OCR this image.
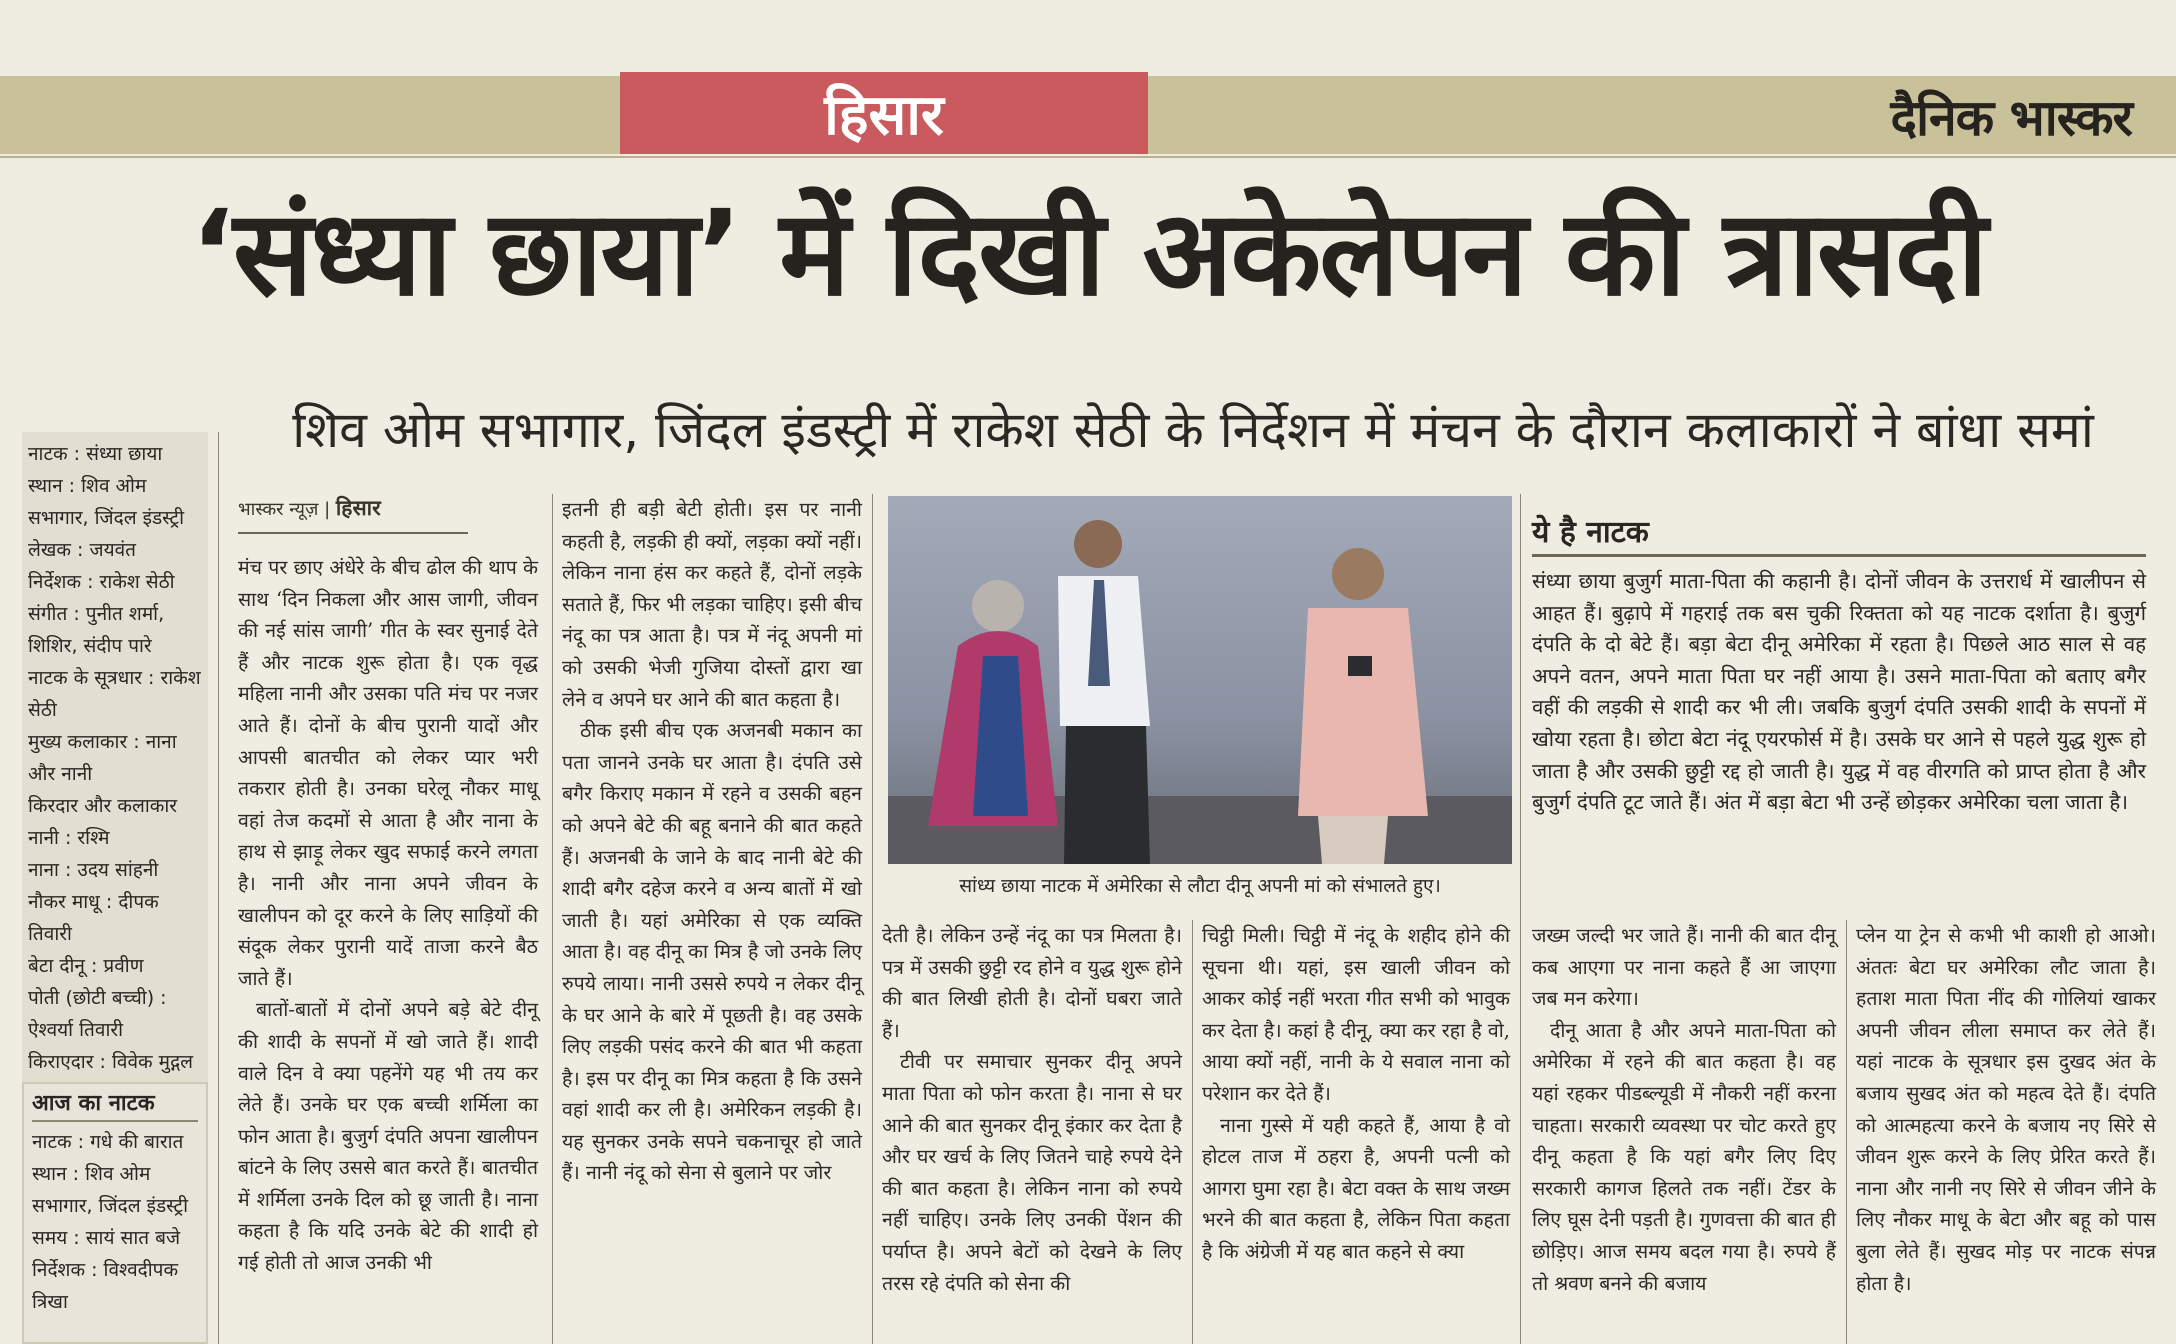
हिसार	दैनिक भास्कर
‘संध्या छाया’ में दिखी अकेलेपन की त्रासदी
शिव ओम सभागार, जिंदल इंडस्ट्री में राकेश सेठी के निर्देशन में मंचन के दौरान कलाकारों ने बांधा समां
नाटक : संध्या छाया
स्थान : शिव ओम सभागार, जिंदल इंडस्ट्री
लेखक : जयवंत
निर्देशक : राकेश सेठी
संगीत : पुनीत शर्मा, शिशिर, संदीप पारे
नाटक के सूत्रधार : राकेश सेठी
मुख्य कलाकार : नाना और नानी
किरदार और कलाकार
नानी : रश्मि
नाना : उदय सांहनी
नौकर माधू : दीपक तिवारी
बेटा दीनू : प्रवीण
पोती (छोटी बच्ची) : ऐश्वर्या तिवारी
किराएदार : विवेक मुद्गल
आज का नाटक
नाटक : गधे की बारात
स्थान : शिव ओम सभागार, जिंदल इंडस्ट्री
समय : सायं सात बजे
निर्देशक : विश्वदीपक त्रिखा
भास्कर न्यूज़ | हिसार

मंच पर छाए अंधेरे के बीच ढोल की थाप के साथ ‘दिन निकला और आस जागी, जीवन की नई सांस जागी’ गीत के स्वर सुनाई देते हैं और नाटक शुरू होता है। एक वृद्ध महिला नानी और उसका पति मंच पर नजर आते हैं। दोनों के बीच पुरानी यादों और आपसी बातचीत को लेकर प्यार भरी तकरार होती है। उनका घरेलू नौकर माधू वहां तेज कदमों से आता है और नाना के हाथ से झाड़ू लेकर खुद सफाई करने लगता है। नानी और नाना अपने जीवन के खालीपन को दूर करने के लिए साड़ियों की संदूक लेकर पुरानी यादें ताजा करने बैठ जाते हैं।

बातों-बातों में दोनों अपने बड़े बेटे दीनू की शादी के सपनों में खो जाते हैं। शादी वाले दिन वे क्या पहनेंगे यह भी तय कर लेते हैं। उनके घर एक बच्ची शर्मिला का फोन आता है। बुजुर्ग दंपति अपना खालीपन बांटने के लिए उससे बात करते हैं। बातचीत में शर्मिला उनके दिल को छू जाती है। नाना कहता है कि यदि उनके बेटे की शादी हो गई होती तो आज उनकी भी

इतनी ही बड़ी बेटी होती। इस पर नानी कहती है, लड़की ही क्यों, लड़का क्यों नहीं। लेकिन नाना हंस कर कहते हैं, दोनों लड़के सताते हैं, फिर भी लड़का चाहिए। इसी बीच नंदू का पत्र आता है। पत्र में नंदू अपनी मां को उसकी भेजी गुजिया दोस्तों द्वारा खा लेने व अपने घर आने की बात कहता है।

ठीक इसी बीच एक अजनबी मकान का पता जानने उनके घर आता है। दंपति उसे बगैर किराए मकान में रहने व उसकी बहन को अपने बेटे की बहू बनाने की बात कहते हैं। अजनबी के जाने के बाद नानी बेटे की शादी बगैर दहेज करने व अन्य बातों में खो जाती है। यहां अमेरिका से एक व्यक्ति आता है। वह दीनू का मित्र है जो उनके लिए रुपये लाया। नानी उससे रुपये न लेकर दीनू के घर आने के बारे में पूछती है। वह उसके लिए लड़की पसंद करने की बात भी कहता है। इस पर दीनू का मित्र कहता है कि उसने वहां शादी कर ली है। अमेरिकन लड़की है। यह सुनकर उनके सपने चकनाचूर हो जाते हैं। नानी नंदू को सेना से बुलाने पर जोर

सांध्य छाया नाटक में अमेरिका से लौटा दीनू अपनी मां को संभालते हुए।

देती है। लेकिन उन्हें नंदू का पत्र मिलता है। पत्र में उसकी छुट्टी रद होने व युद्ध शुरू होने की बात लिखी होती है। दोनों घबरा जाते हैं।

टीवी पर समाचार सुनकर दीनू अपने माता पिता को फोन करता है। नाना से घर आने की बात सुनकर दीनू इंकार कर देता है और घर खर्च के लिए जितने चाहे रुपये देने की बात कहता है। लेकिन नाना को रुपये नहीं चाहिए। उनके लिए उनकी पेंशन की पर्याप्त है। अपने बेटों को देखने के लिए तरस रहे दंपति को सेना की

चिट्ठी मिली। चिट्ठी में नंदू के शहीद होने की सूचना थी। यहां, इस खाली जीवन को आकर कोई नहीं भरता गीत सभी को भावुक कर देता है। कहां है दीनू, क्या कर रहा है वो, आया क्यों नहीं, नानी के ये सवाल नाना को परेशान कर देते हैं।

नाना गुस्से में यही कहते हैं, आया है वो होटल ताज में ठहरा है, अपनी पत्नी को आगरा घुमा रहा है। बेटा वक्त के साथ जख्म भरने की बात कहता है, लेकिन पिता कहता है कि अंग्रेजी में यह बात कहने से क्या

ये है नाटक
संध्या छाया बुजुर्ग माता-पिता की कहानी है। दोनों जीवन के उत्तरार्ध में खालीपन से आहत हैं। बुढ़ापे में गहराई तक बस चुकी रिक्तता को यह नाटक दर्शाता है। बुजुर्ग दंपति के दो बेटे हैं। बड़ा बेटा दीनू अमेरिका में रहता है। पिछले आठ साल से वह अपने वतन, अपने माता पिता घर नहीं आया है। उसने माता-पिता को बताए बगैर वहीं की लड़की से शादी कर भी ली। जबकि बुजुर्ग दंपति उसकी शादी के सपनों में खोया रहता है। छोटा बेटा नंदू एयरफोर्स में है। उसके घर आने से पहले युद्ध शुरू हो जाता है और उसकी छुट्टी रद्द हो जाती है। युद्ध में वह वीरगति को प्राप्त होता है और बुजुर्ग दंपति टूट जाते हैं। अंत में बड़ा बेटा भी उन्हें छोड़कर अमेरिका चला जाता है।

जख्म जल्दी भर जाते हैं। नानी की बात दीनू कब आएगा पर नाना कहते हैं आ जाएगा जब मन करेगा।

दीनू आता है और अपने माता-पिता को अमेरिका में रहने की बात कहता है। वह यहां रहकर पीडब्ल्यूडी में नौकरी नहीं करना चाहता। सरकारी व्यवस्था पर चोट करते हुए दीनू कहता है कि यहां बगैर लिए दिए सरकारी कागज हिलते तक नहीं। टेंडर के लिए घूस देनी पड़ती है। गुणवत्ता की बात ही छोड़िए। आज समय बदल गया है। रुपये हैं तो श्रवण बनने की बजाय

प्लेन या ट्रेन से कभी भी काशी हो आओ। अंततः बेटा घर अमेरिका लौट जाता है। हताश माता पिता नींद की गोलियां खाकर अपनी जीवन लीला समाप्त कर लेते हैं। यहां नाटक के सूत्रधार इस दुखद अंत के बजाय सुखद अंत को महत्व देते हैं। दंपति को आत्महत्या करने के बजाय नए सिरे से जीवन शुरू करने के लिए प्रेरित करते हैं। नाना और नानी नए सिरे से जीवन जीने के लिए नौकर माधू के बेटा और बहू को पास बुला लेते हैं। सुखद मोड़ पर नाटक संपन्न होता है।
